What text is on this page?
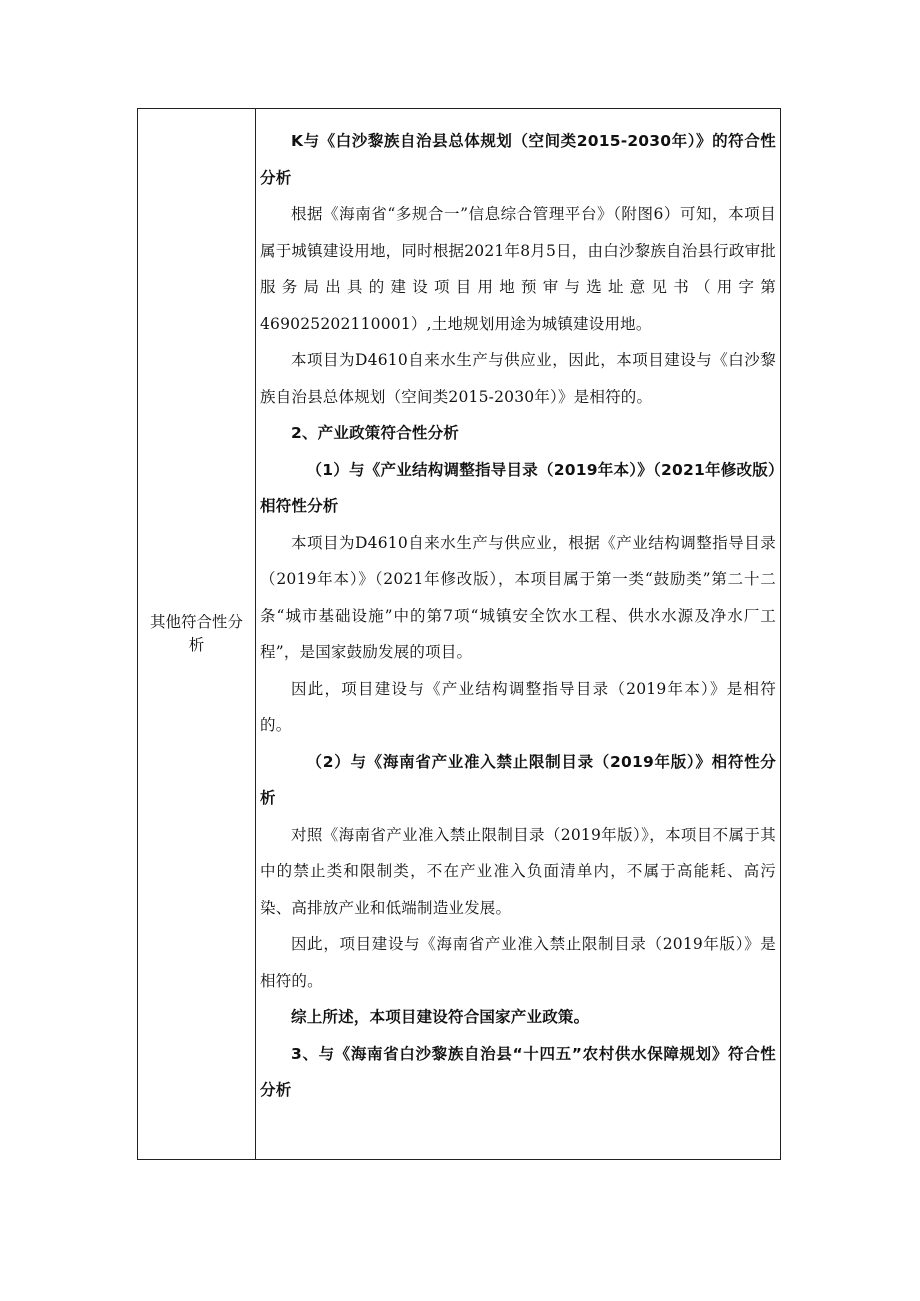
其他符合性分析

K与《白沙黎族自治县总体规划（空间类2015-2030年）》的符合性分析

根据《海南省“多规合一”信息综合管理平台》（附图6）可知，本项目属于城镇建设用地，同时根据2021年8月5日，由白沙黎族自治县行政审批服务局出具的建设项目用地预审与选址意见书（用字第469025202110001）,土地规划用途为城镇建设用地。

本项目为D4610自来水生产与供应业，因此，本项目建设与《白沙黎族自治县总体规划（空间类2015-2030年）》是相符的。

2、产业政策符合性分析

（1）与《产业结构调整指导目录（2019年本）》（2021年修改版）相符性分析

本项目为D4610自来水生产与供应业，根据《产业结构调整指导目录（2019年本）》（2021年修改版），本项目属于第一类“鼓励类”第二十二条“城市基础设施”中的第7项“城镇安全饮水工程、供水水源及净水厂工程”，是国家鼓励发展的项目。

因此，项目建设与《产业结构调整指导目录（2019年本）》是相符的。

（2）与《海南省产业准入禁止限制目录（2019年版）》相符性分析

对照《海南省产业准入禁止限制目录（2019年版）》，本项目不属于其中的禁止类和限制类，不在产业准入负面清单内，不属于高能耗、高污染、高排放产业和低端制造业发展。

因此，项目建设与《海南省产业准入禁止限制目录（2019年版）》是相符的。

综上所述，本项目建设符合国家产业政策。

3、与《海南省白沙黎族自治县“十四五”农村供水保障规划》符合性分析
